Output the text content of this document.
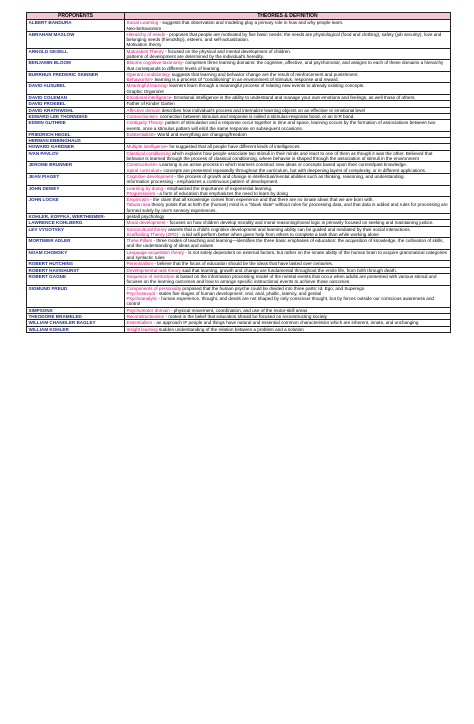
PROPONENTS	THEORIES & DEFINITION

ALBERT BANDURA	Social Learning - suggests that observation and modeling play a primary role in how and why people learn.
Neo-behaviorism

ABRAHAM MASLOW	Hierarchy of needs - proposes that people are motivated by five basic needs: the needs are physiological (food and clothing), safety (job security), love and belonging needs (friendship), esteem, and self-actualization.
Motivation theory

ARNOLD GESELL	Maturation Theory - focused on the physical and mental development of children.
patterns of development are determined by the individual's heredity.

BENJAMIN BLOOM	Blooms cognitive taxonomy- comprises three learning domains: the cognitive, affective, and psychomotor, and assigns to each of these domains a hierarchy that corresponds to different levels of learning.

BURRHUS FREDERIC SKINNER	Operant conditioning- suggests that learning and behavior change are the result of reinforcement and punishment.
Behaviorism- learning is a process of "conditioning" in an environment of stimulus, response and reward.

DAVID AUSUBEL	Meaningful learning- learners learn through a meaningful process of relating new events to already existing concepts.
Graphic Organizer

DAVID COLEMAN	Emotional intelligence- Emotional intelligence is the ability to understand and manage your own emotions and feelings, as well those of others.

DAVID FROEBEL	Father of Kinder Garten

DAVID KRATHWOHL	Affective domain describes how individual's process and internalize learning objects on an effective or emotional level

EDWARD LEE THORNDIKE	Connectionism- connection between stimulus and response is called a stimulus-response bond, or an S-R bond.

EDWIN GUTHRIE	Contiguity Theory- pattern of stimulation and a response occur together in time and space, learning occurs by the formation of associations between two events, once a stimulus pattern will elicit the same response on subsequent occasions.

FRIEDRICH HEGEL	Existentialism- World and everything are changing/freedom

HERMAN EBBINGHAUS	

HOWARD GARDNER	Multiple intelligence- he suggested that all people have different kinds of intelligences

IVAN PAVLOV	Classical conditioning which explains how people associate two stimuli in their minds and react to one of them as though it was the other. Believed that behavior is learned through the process of classical conditioning, where behavior is shaped through the association of stimuli in the environment

JEROME BRUNNER	Constructivism- Learning is an active process in which learners construct new ideas or concepts based upon their current/past knowledge.
Spiral curriculum- concepts are presented repeatedly throughout the curriculum, but with deepening layers of complexity, or in different applications.

JEAN PIAGET	Cognitive development - the process of growth and change in intellectual/mental abilities such as thinking, reasoning, and understanding.
Information processing - emphasizes a continuous pattern of development.

JOHN DEWEY	Learning by doing - emphasized the importance of experiential learning.
Progressivism - a form of education that emphasizes the need to learn by doing

JOHN LOCKE	Empiricism - the claim that all knowledge comes from experience and that there are no innate ideas that we are born with.
Tabula rasa theory posits that at birth the (human) mind is a "blank slate" without rules for processing data, and that data is added and rules for processing are formed solely by one's sensory experiences.

KOHLER, KOFFKA, WERTHEIMER-	gestalt psychology

LAWRENCE KOHLBERG	Moral development - focuses on how children develop morality and moral reasoning/moral logic is primarily focused on seeking and maintaining justice.

LEV VYGOTSKY	Sociocultural theory asserts that a child's cognitive development and learning ability can be guided and mediated by their social interactions.
Scaffolding Theory (ZPD) - a kid will perform better when given help from others to complete a task than while working alone

MORTIMER ADLER	Three Pillars - three modes of teaching and learning—identifies the three basic emphases of education: the acquisition of knowledge, the cultivation of skills, and the understanding of ideas and values

NOAM CHOMSKY	Language acquisition theory - is not solely dependent on external factors, but rather on the innate ability of the human brain to acquire grammatical categories and syntactic rules

ROBERT HUTCHINS	Perennialism - believe that the focus of education should be the ideas that have lasted over centuries.

ROBERT HAVIGHURST	Developmental task theory said that learning, growth and change are fundamental throughout the entire life, from birth through death.

ROBERT GAGNE	Sequence of instruction is based on the information processing model of the mental events that occur when adults are presented with various stimuli and focuses on the learning outcomes and how to arrange specific instructional events to achieve those outcomes.

SIGMUND FREUD	Components of personality proposed that the human psyche could be divided into three parts: Id, Ego, and Superego
Psychosexual - states five stages of human development: oral, anal, phallic, latency, and genital
Psychoanalytic - human experience, thought, and deeds are not shaped by only conscious thought, but by forces outside our conscious awareness and control

SIMPSONS	Psychomotor domain - physical movement, coordination, and use of the motor-skill areas

THEODORE BRAMELED	Reconstructionism - rooted in the belief that education should be focused on reconstructing society

WILLIAM CHANDLER BAGLEY	Essentialism - an approach IF people and things have natural and essential common characteristics which are inherent, innate, and unchanging

WILLIAM KOHLER	Insight learning sudden understanding of the relation between a problem and a solution
